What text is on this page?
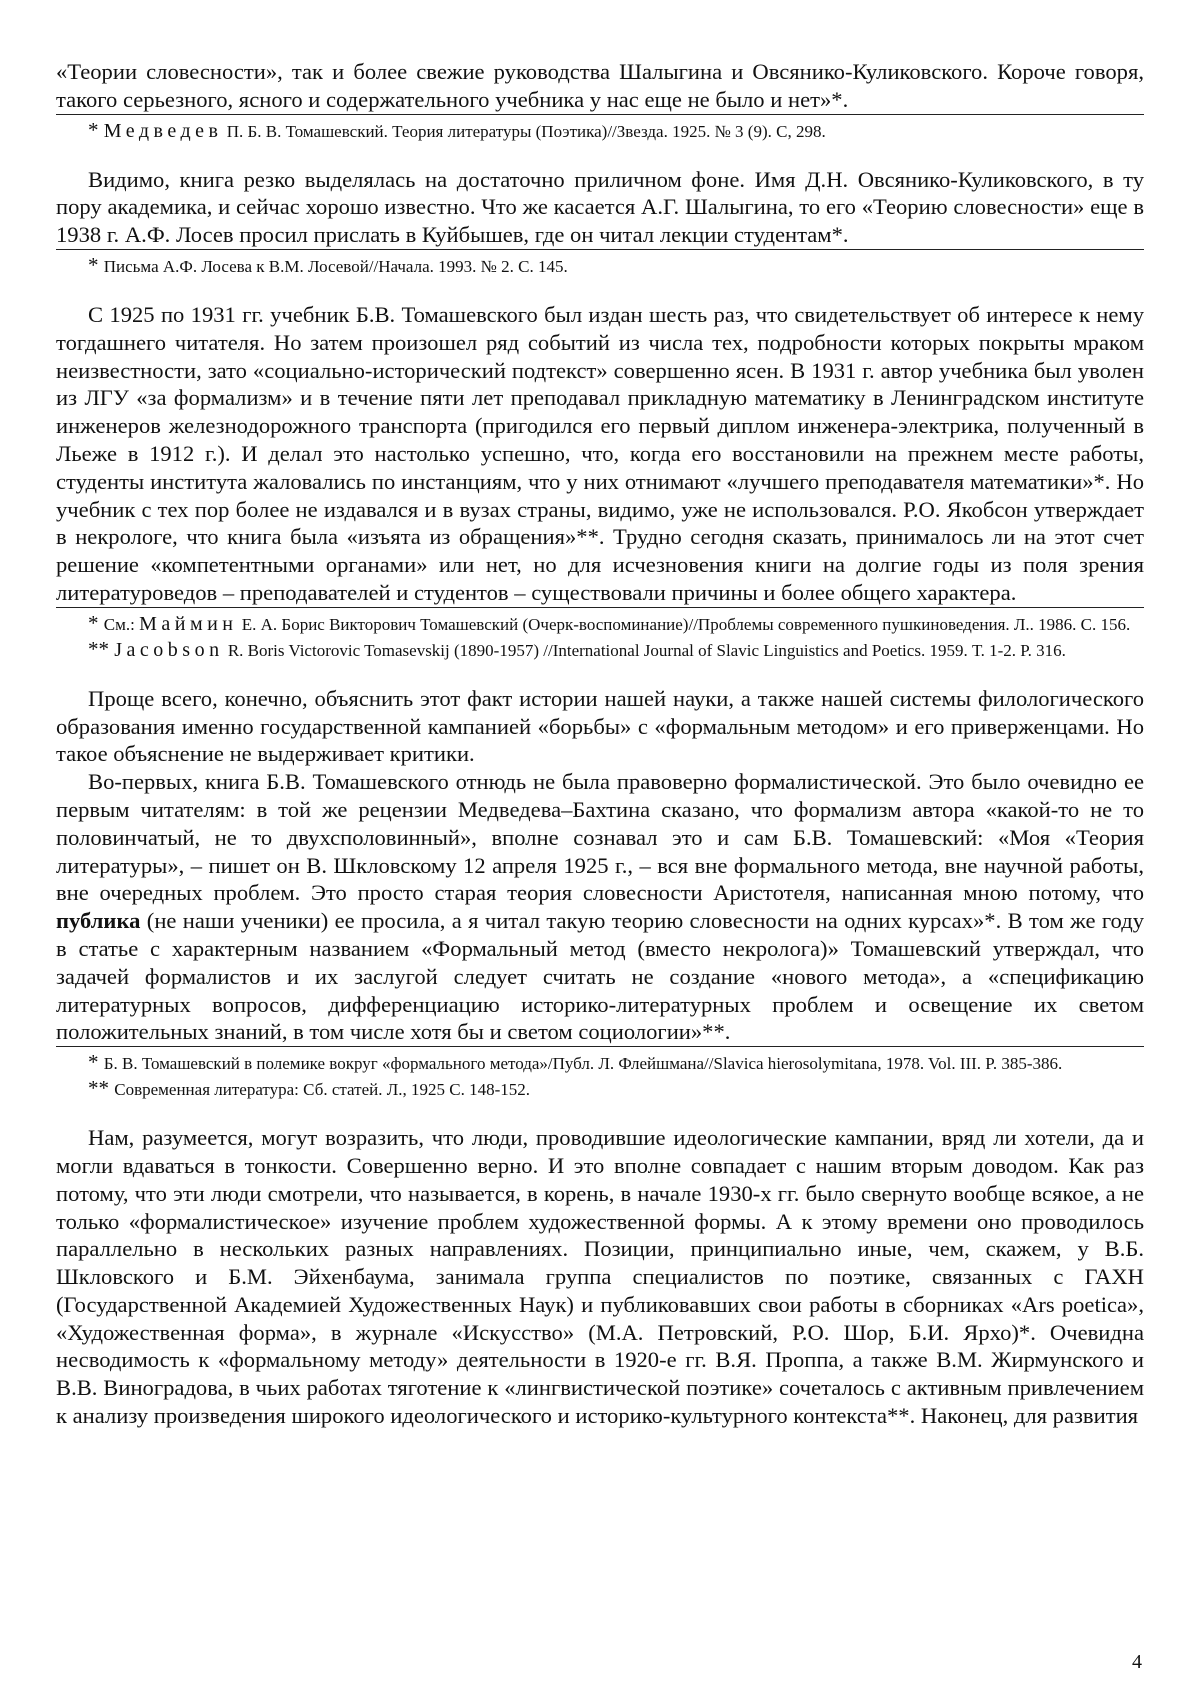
«Теории словесности», так и более свежие руководства Шалыгина и Овсянико-Куликовского. Короче говоря, такого серьезного, ясного и содержательного учебника у нас еще не было и нет»*.

* Медведев П. Б. В. Томашевский. Теория литературы (Поэтика)//Звезда. 1925. № 3 (9). С, 298.

Видимо, книга резко выделялась на достаточно приличном фоне. Имя Д.Н. Овсянико-Куликовского, в ту пору академика, и сейчас хорошо известно. Что же касается А.Г. Шалыгина, то его «Теорию словесности» еще в 1938 г. А.Ф. Лосев просил прислать в Куйбышев, где он читал лекции студентам*.

* Письма А.Ф. Лосева к В.М. Лосевой//Начала. 1993. № 2. С. 145.

С 1925 по 1931 гг. учебник Б.В. Томашевского был издан шесть раз, что свидетельствует об интересе к нему тогдашнего читателя. Но затем произошел ряд событий из числа тех, подробности которых покрыты мраком неизвестности, зато «социально-исторический подтекст» совершенно ясен. В 1931 г. автор учебника был уволен из ЛГУ «за формализм» и в течение пяти лет преподавал прикладную математику в Ленинградском институте инженеров железнодорожного транспорта (пригодился его первый диплом инженера-электрика, полученный в Льеже в 1912 г.). И делал это настолько успешно, что, когда его восстановили на прежнем месте работы, студенты института жаловались по инстанциям, что у них отнимают «лучшего преподавателя математики»*. Но учебник с тех пор более не издавался и в вузах страны, видимо, уже не использовался. Р.О. Якобсон утверждает в некрологе, что книга была «изъята из обращения»**. Трудно сегодня сказать, принималось ли на этот счет решение «компетентными органами» или нет, но для исчезновения книги на долгие годы из поля зрения литературоведов – преподавателей и студентов – существовали причины и более общего характера.

* См.: Маймин Е. А. Борис Викторович Томашевский (Очерк-воспоминание)//Проблемы современного пушкиноведения. Л.. 1986. С. 156.

** Jacobson R. Boris Victorovic Tomasevskij (1890-1957) //International Journal of Slavic Linguistics and Poetics. 1959. Т. 1-2. Р. 316.

Проще всего, конечно, объяснить этот факт истории нашей науки, а также нашей системы филологического образования именно государственной кампанией «борьбы» с «формальным методом» и его приверженцами. Но такое объяснение не выдерживает критики.

Во-первых, книга Б.В. Томашевского отнюдь не была правоверно формалистической. Это было очевидно ее первым читателям: в той же рецензии Медведева–Бахтина сказано, что формализм автора «какой-то не то половинчатый, не то двухсполовинный», вполне сознавал это и сам Б.В. Томашевский: «Моя «Теория литературы», – пишет он В. Шкловскому 12 апреля 1925 г., – вся вне формального метода, вне научной работы, вне очередных проблем. Это просто старая теория словесности Аристотеля, написанная мною потому, что публика (не наши ученики) ее просила, а я читал такую теорию словесности на одних курсах»*. В том же году в статье с характерным названием «Формальный метод (вместо некролога)» Томашевский утверждал, что задачей формалистов и их заслугой следует считать не создание «нового метода», а «спецификацию литературных вопросов, дифференциацию историко-литературных проблем и освещение их светом положительных знаний, в том числе хотя бы и светом социологии»**.

* Б. В. Томашевский в полемике вокруг «формального метода»/Публ. Л. Флейшмана//Slavica hierosolymitana, 1978. Vol. III. P. 385-386.

** Современная литература: Сб. статей. Л., 1925 С. 148-152.

Нам, разумеется, могут возразить, что люди, проводившие идеологические кампании, вряд ли хотели, да и могли вдаваться в тонкости. Совершенно верно. И это вполне совпадает с нашим вторым доводом. Как раз потому, что эти люди смотрели, что называется, в корень, в начале 1930-х гг. было свернуто вообще всякое, а не только «формалистическое» изучение проблем художественной формы. А к этому времени оно проводилось параллельно в нескольких разных направлениях. Позиции, принципиально иные, чем, скажем, у В.Б. Шкловского и Б.М. Эйхенбаума, занимала группа специалистов по поэтике, связанных с ГАХН (Государственной Академией Художественных Наук) и публиковавших свои работы в сборниках «Ars poetica», «Художественная форма», в журнале «Искусство» (М.А. Петровский, Р.О. Шор, Б.И. Ярхо)*. Очевидна несводимость к «формальному методу» деятельности в 1920-е гг. В.Я. Проппа, а также В.М. Жирмунского и В.В. Виноградова, в чьих работах тяготение к «лингвистической поэтике» сочеталось с активным привлечением к анализу произведения широкого идеологического и историко-культурного контекста**. Наконец, для развития

4
